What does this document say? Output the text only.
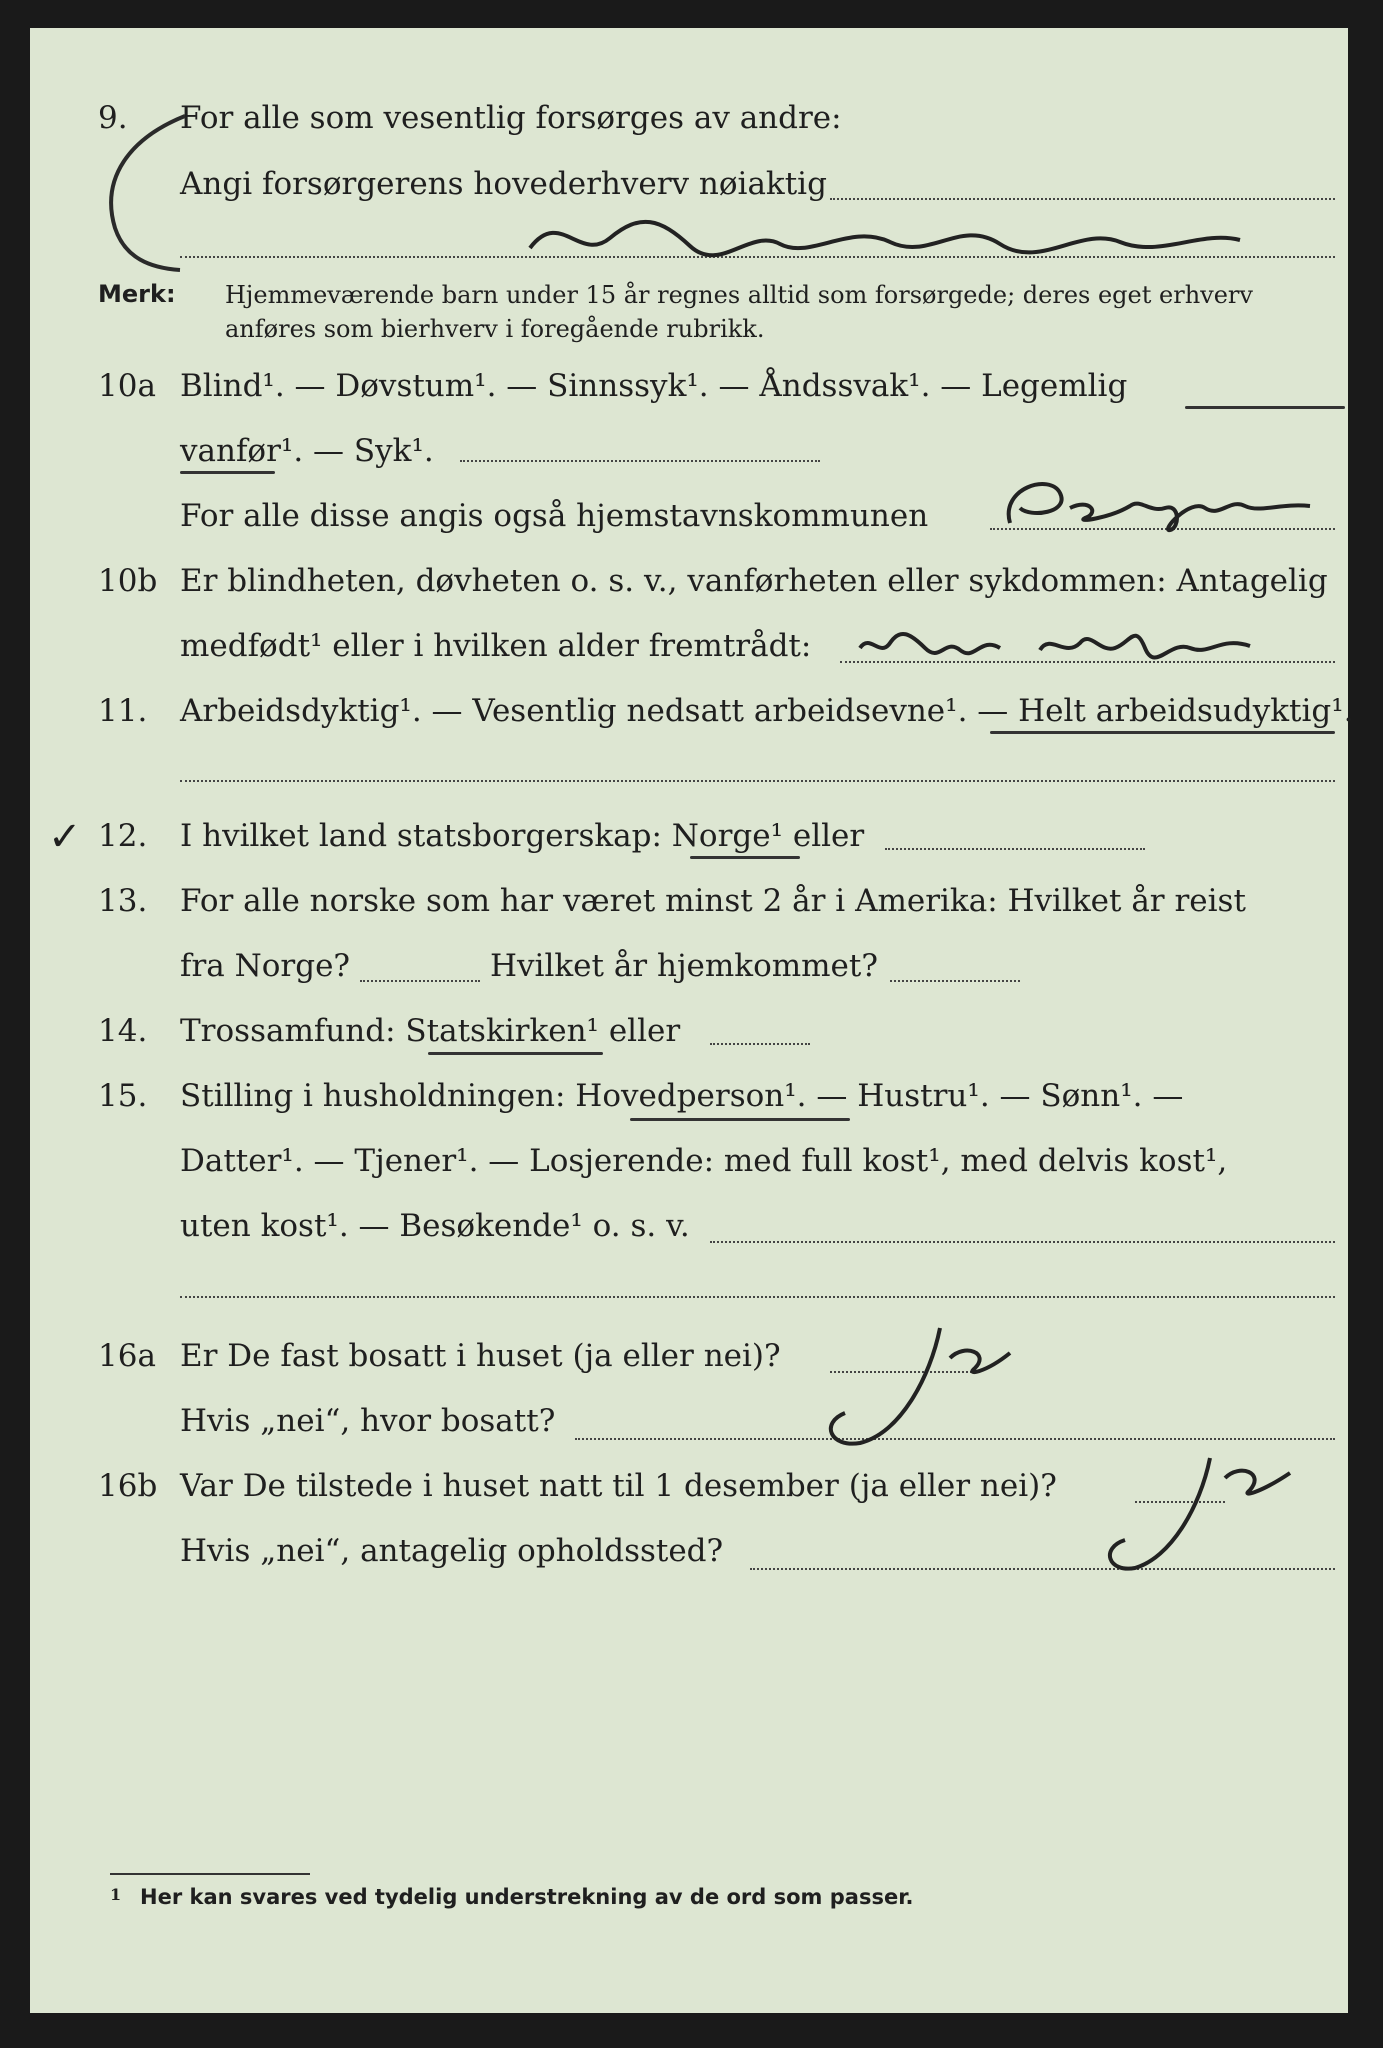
9. For alle som vesentlig forsørges av andre:
Angi forsørgerens hovederhverv nøiaktig
fedrevarehandel
Merk: Hjemmeværende barn under 15 år regnes alltid som forsørgede; deres eget erhverv
anføres som bierhverv i foregående rubrikk.
10a Blind¹. — Døvstum¹. — Sinnssyk¹. — Åndssvak¹. — Legemlig
vanfør¹. — Syk¹.
For alle disse angis også hjemstavnskommunen
10b Er blindheten, døvheten o. s. v., vanførheten eller sykdommen: Antagelig
medfødt¹ eller i hvilken alder fremtrådt:
11. Arbeidsdyktig¹. — Vesentlig nedsatt arbeidsevne¹. — Helt arbeidsudyktig¹.
✓ 12. I hvilket land statsborgerskap: Norge¹ eller
13. For alle norske som har været minst 2 år i Amerika: Hvilket år reist
fra Norge?	Hvilket år hjemkommet?
14. Trossamfund: Statskirken¹ eller
15. Stilling i husholdningen: Hovedperson¹. — Hustru¹. — Sønn¹. —
Datter¹. — Tjener¹. — Losjerende: med full kost¹, med delvis kost¹,
uten kost¹. — Besøkende¹ o. s. v.
16a Er De fast bosatt i huset (ja eller nei)?
Hvis „nei“, hvor bosatt?
16b Var De tilstede i huset natt til 1 desember (ja eller nei)?
Hvis „nei“, antagelig opholdssted?
1 Her kan svares ved tydelig understrekning av de ord som passer.
